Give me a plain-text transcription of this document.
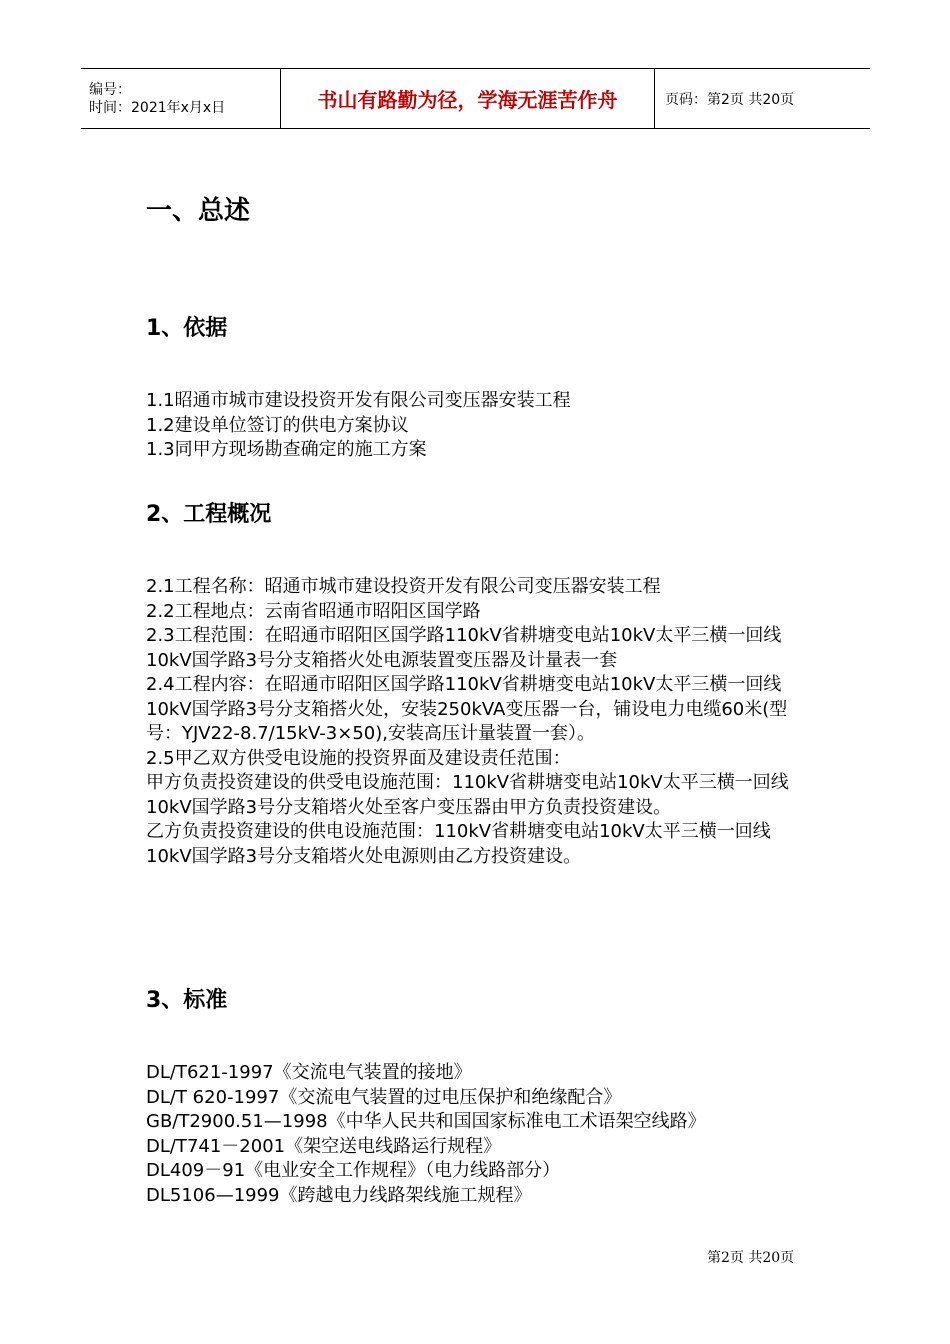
编号：
时间：2021年x月x日	书山有路勤为径，学海无涯苦作舟	页码：第2页 共20页
一、总述
1、依据

1.1昭通市城市建设投资开发有限公司变压器安装工程

1.2建设单位签订的供电方案协议

1.3同甲方现场勘查确定的施工方案

2、工程概况

2.1工程名称：昭通市城市建设投资开发有限公司变压器安装工程

2.2工程地点：云南省昭通市昭阳区国学路

2.3工程范围：在昭通市昭阳区国学路110kV省耕塘变电站10kV太平三横一回线10kV国学路3号分支箱搭火处电源装置变压器及计量表一套

2.4工程内容：在昭通市昭阳区国学路110kV省耕塘变电站10kV太平三横一回线10kV国学路3号分支箱搭火处，安装250kVA变压器一台，铺设电力电缆60米(型号：YJV22-8.7/15kV-3×50),安装高压计量装置一套）。

2.5甲乙双方供受电设施的投资界面及建设责任范围：

甲方负责投资建设的供受电设施范围：110kV省耕塘变电站10kV太平三横一回线10kV国学路3号分支箱塔火处至客户变压器由甲方负责投资建设。

乙方负责投资建设的供电设施范围：110kV省耕塘变电站10kV太平三横一回线10kV国学路3号分支箱塔火处电源则由乙方投资建设。

3、标准

DL/T621-1997《交流电气装置的接地》

DL/T 620-1997《交流电气装置的过电压保护和绝缘配合》

GB/T2900.51—1998《中华人民共和国国家标准电工术语架空线路》

DL/T741－2001《架空送电线路运行规程》

DL409－91《电业安全工作规程》（电力线路部分）

DL5106—1999《跨越电力线路架线施工规程》

第2页 共20页
